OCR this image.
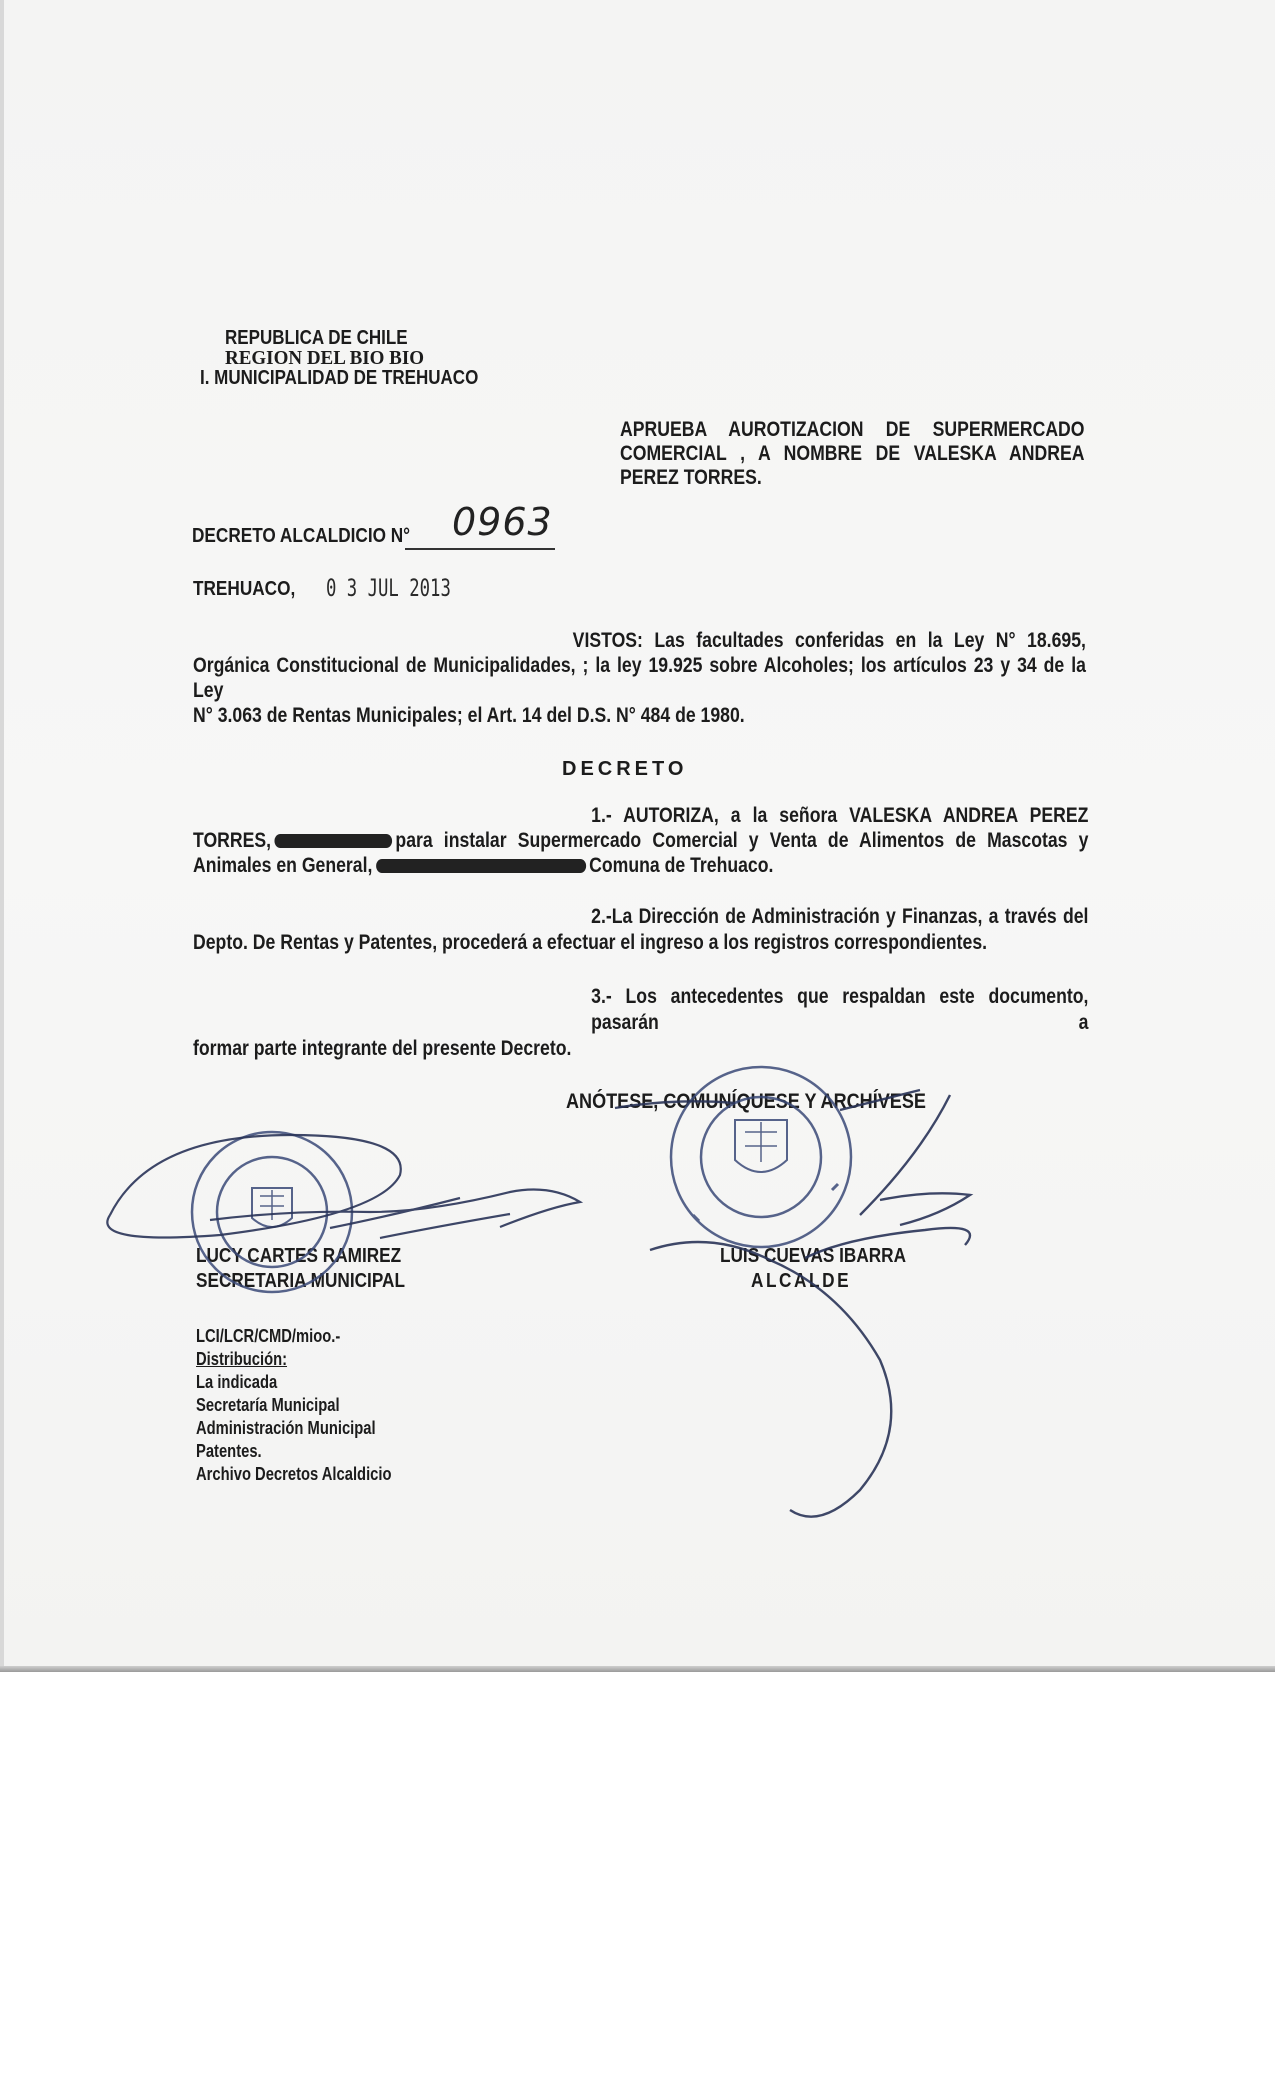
REPUBLICA DE CHILE
REGION DEL BIO BIO
I. MUNICIPALIDAD DE TREHUACO
APRUEBA AUROTIZACION DE SUPERMERCADO
COMERCIAL , A NOMBRE DE VALESKA ANDREA
PEREZ TORRES.
DECRETO ALCALDICIO N° 0963
TREHUACO, 0 3 JUL 2013
VISTOS: Las facultades conferidas en la Ley N° 18.695,
Orgánica Constitucional de Municipalidades, ; la ley 19.925 sobre Alcoholes; los artículos 23 y 34 de la Ley
N° 3.063 de Rentas Municipales; el Art. 14 del D.S. N° 484 de 1980.
DECRETO
1.- AUTORIZA, a la señora VALESKA ANDREA PEREZ
TORRES,	para instalar Supermercado Comercial y Venta de Alimentos de Mascotas y
Animales en General,	Comuna de Trehuaco.
2.-La Dirección de Administración y Finanzas, a través del
Depto. De Rentas y Patentes, procederá a efectuar el ingreso a los registros correspondientes.
3.- Los antecedentes que respaldan este documento, pasarán a
formar parte integrante del presente Decreto.
ANÓTESE, COMUNÍQUESE Y ARCHÍVESE
LUCY CARTES RAMIREZ
SECRETARIA MUNICIPAL
LUIS CUEVAS IBARRA
ALCALDE
LCI/LCR/CMD/mioo.-
Distribución:
La indicada
Secretaría Municipal
Administración Municipal
Patentes.
Archivo Decretos Alcaldicio
